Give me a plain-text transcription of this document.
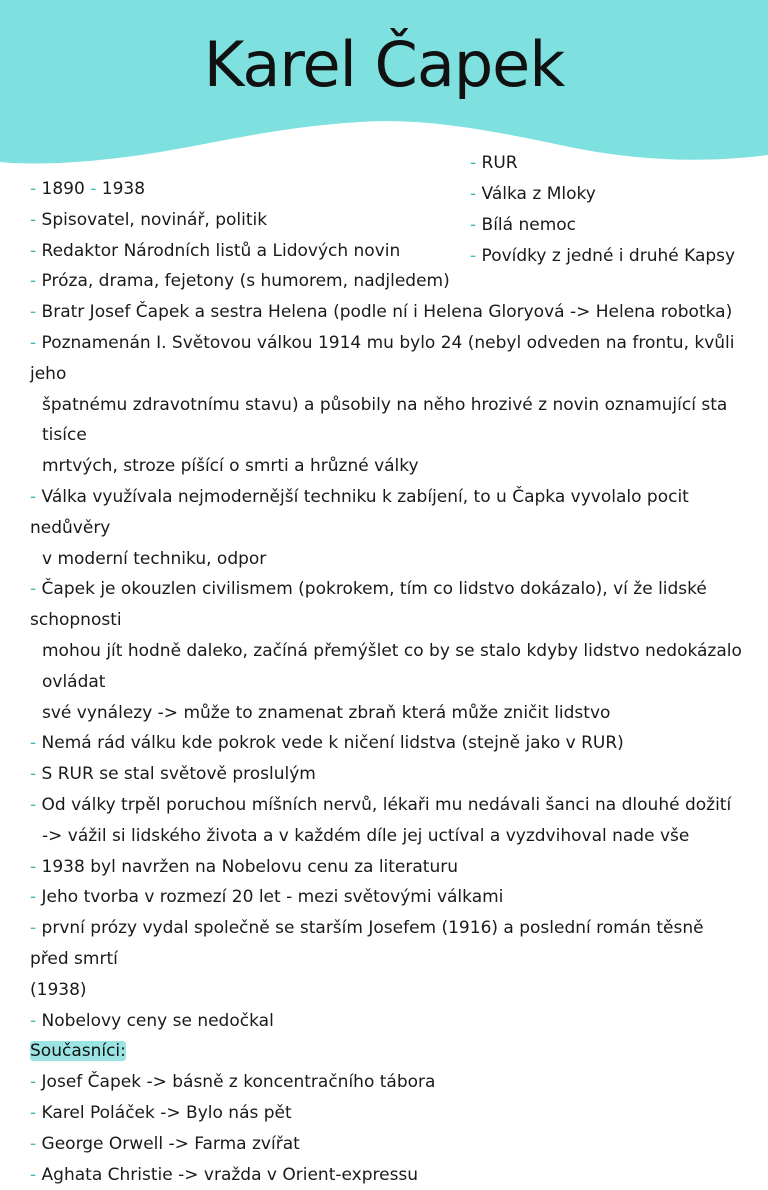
Karel Čapek
- RUR
- Válka z Mloky
- Bílá nemoc
- Povídky z jedné i druhé Kapsy
- 1890 - 1938
- Spisovatel, novinář, politik
- Redaktor Národních listů a Lidových novin
- Próza, drama, fejetony (s humorem, nadjledem)
- Bratr Josef Čapek a sestra Helena (podle ní i Helena Gloryová -> Helena robotka)
- Poznamenán I. Světovou válkou 1914 mu bylo 24 (nebyl odveden na frontu, kvůli jeho
špatnému zdravotnímu stavu) a působily na něho hrozivé z novin oznamující sta tisíce
mrtvých, stroze píšící o smrti a hrůzné války
- Válka využívala nejmodernější techniku k zabíjení, to u Čapka vyvolalo pocit nedůvěry
v moderní techniku, odpor
- Čapek je okouzlen civilismem (pokrokem, tím co lidstvo dokázalo), ví že lidské schopnosti
mohou jít hodně daleko, začíná přemýšlet co by se stalo kdyby lidstvo nedokázalo ovládat
své vynálezy -> může to znamenat zbraň která může zničit lidstvo
- Nemá rád válku kde pokrok vede k ničení lidstva (stejně jako v RUR)
- S RUR se stal světově proslulým
- Od války trpěl poruchou míšních nervů, lékaři mu nedávali šanci na dlouhé dožití
-> vážil si lidského života a v každém díle jej uctíval a vyzdvihoval nade vše
- 1938 byl navržen na Nobelovu cenu za literaturu
- Jeho tvorba v rozmezí 20 let - mezi světovými válkami
- první prózy vydal společně se starším Josefem (1916) a poslední román těsně před smrtí
(1938)
- Nobelovy ceny se nedočkal
Současníci:
- Josef Čapek -> básně z koncentračního tábora
- Karel Poláček -> Bylo nás pět
- George Orwell -> Farma zvířat
- Aghata Christie -> vražda v Orient-expressu
